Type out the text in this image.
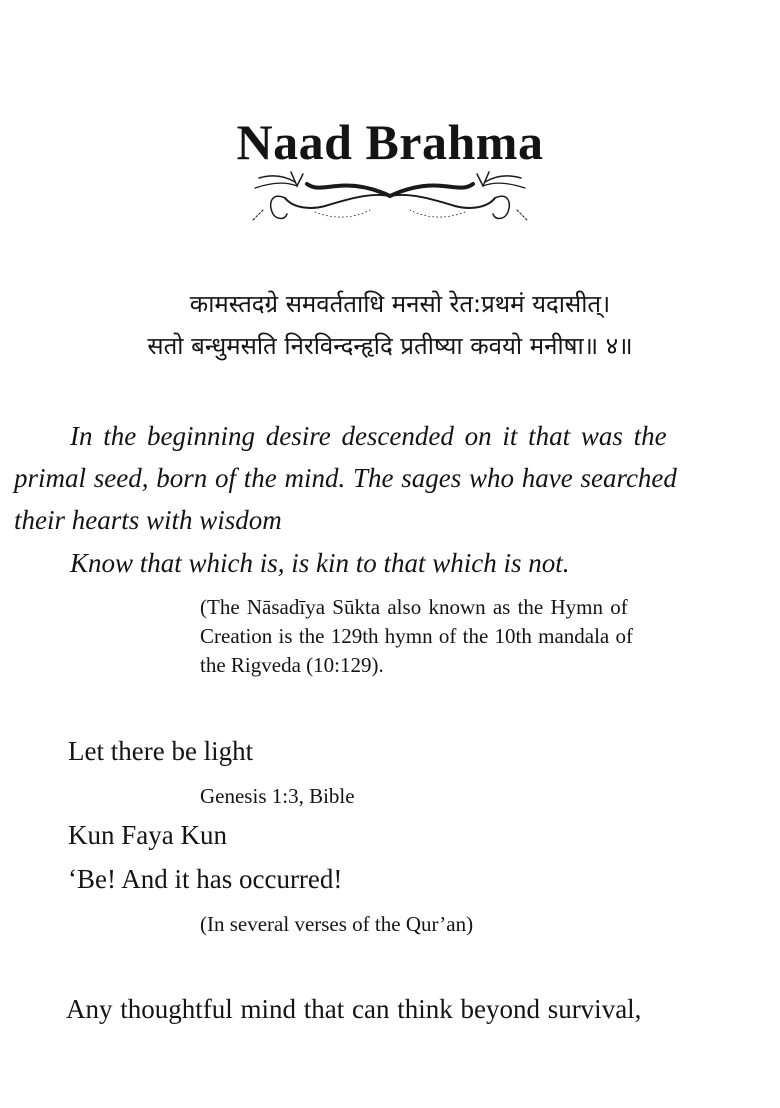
Naad Brahma
कामस्तदग्रे समवर्तताधि मनसो रेत:प्रथमं यदासीत्।
सतो बन्धुमसति निरविन्दन्हृदि प्रतीष्या कवयो मनीषा॥ ४॥
In the beginning desire descended on it that was the
primal seed, born of the mind. The sages who have searched
their hearts with wisdom
Know that which is, is kin to that which is not.
(The Nāsadīya Sūkta also known as the Hymn of
Creation is the 129th hymn of the 10th mandala of
the Rigveda (10:129).
Let there be light
Genesis 1:3, Bible
Kun Faya Kun
‘Be! And it has occurred!
(In several verses of the Qur’an)

Any thoughtful mind that can think beyond survival,
